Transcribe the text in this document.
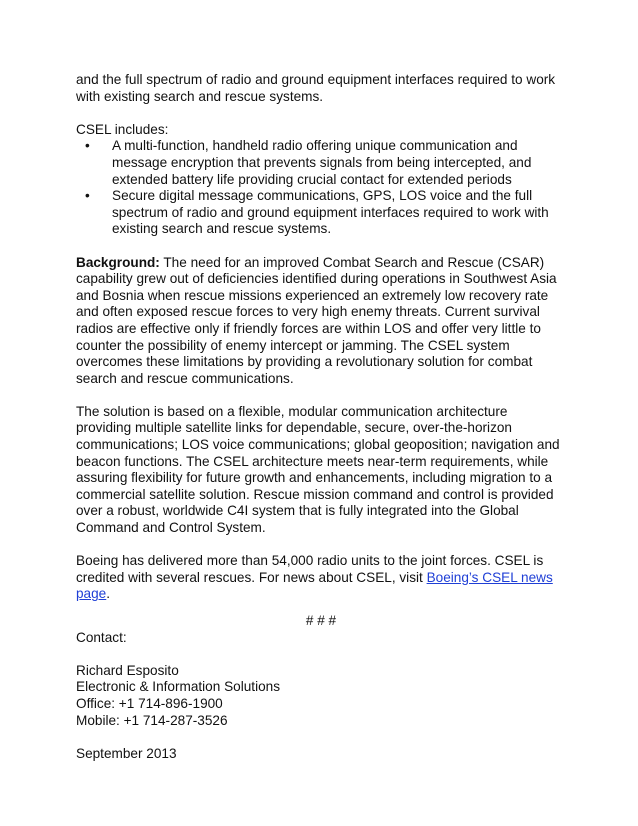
and the full spectrum of radio and ground equipment interfaces required to work with existing search and rescue systems.

CSEL includes:

• A multi-function, handheld radio offering unique communication and message encryption that prevents signals from being intercepted, and extended battery life providing crucial contact for extended periods
• Secure digital message communications, GPS, LOS voice and the full spectrum of radio and ground equipment interfaces required to work with existing search and rescue systems.

Background: The need for an improved Combat Search and Rescue (CSAR) capability grew out of deficiencies identified during operations in Southwest Asia and Bosnia when rescue missions experienced an extremely low recovery rate and often exposed rescue forces to very high enemy threats. Current survival radios are effective only if friendly forces are within LOS and offer very little to counter the possibility of enemy intercept or jamming. The CSEL system overcomes these limitations by providing a revolutionary solution for combat search and rescue communications.

The solution is based on a flexible, modular communication architecture providing multiple satellite links for dependable, secure, over-the-horizon communications; LOS voice communications; global geoposition; navigation and beacon functions. The CSEL architecture meets near-term requirements, while assuring flexibility for future growth and enhancements, including migration to a commercial satellite solution. Rescue mission command and control is provided over a robust, worldwide C4I system that is fully integrated into the Global Command and Control System.

Boeing has delivered more than 54,000 radio units to the joint forces. CSEL is credited with several rescues. For news about CSEL, visit Boeing’s CSEL news page.

# # #

Contact:

Richard Esposito

Electronic & Information Solutions

Office: +1 714-896-1900

Mobile: +1 714-287-3526

September 2013
